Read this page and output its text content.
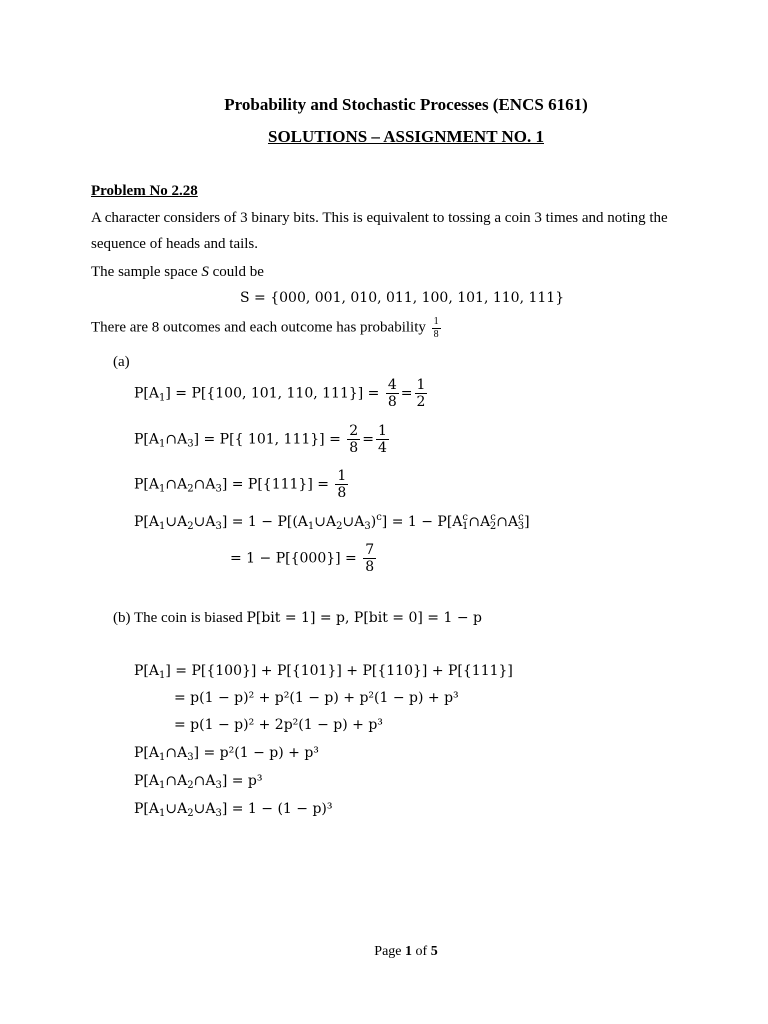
Probability and Stochastic Processes (ENCS 6161)
SOLUTIONS – ASSIGNMENT NO. 1
Problem No 2.28
A character considers of 3 binary bits. This is equivalent to tossing a coin 3 times and noting the
sequence of heads and tails.
The sample space S could be
S = {000, 001, 010, 011, 100, 101, 110, 111}
There are 8 outcomes and each outcome has probability $\frac{1}{8}$
(a)
$P[A_1] = P[\{100$, 101, 110, $111\}] = \frac{4}{8} = \frac{1}{2}$
$P[A_1\cap A_3] = P$[{ 101, $111\}] = \frac{2}{8} = \frac{1}{4}$
$P[A_1\cap A_2\cap A_3] = P[\{111\}] = \frac{1}{8}$
$P[A_1\cup A_2\cup A_3] = 1$ − $P[(A_1\cup A_2\cup A_3)^c] = 1$ − $P[A^c_1\cap A^c_2\cap A^c_3]$
= $1 - P[\{000\}] = \frac{7}{8}$
(b) The coin is biased P[bit = 1] = p, P[bit = 0] = 1 − p
$P[A_1] = P[\{100\}] + P[\{101\}] + P[\{110\}] + P[\{111\}]$
= p(1 − p)² + p²(1 − p) + p²(1 − p) + p³
= p(1 − p)² + 2p²(1 − p) + p³
$P[A_1\cap A_3] = p^2(1 - p) + p^3$
$P[A_1\cap A_2\cap A_3] = p^3$
$P[A_1\cup A_2\cup A_3] = 1 - (1 - p)^3$
Page 1 of 5
